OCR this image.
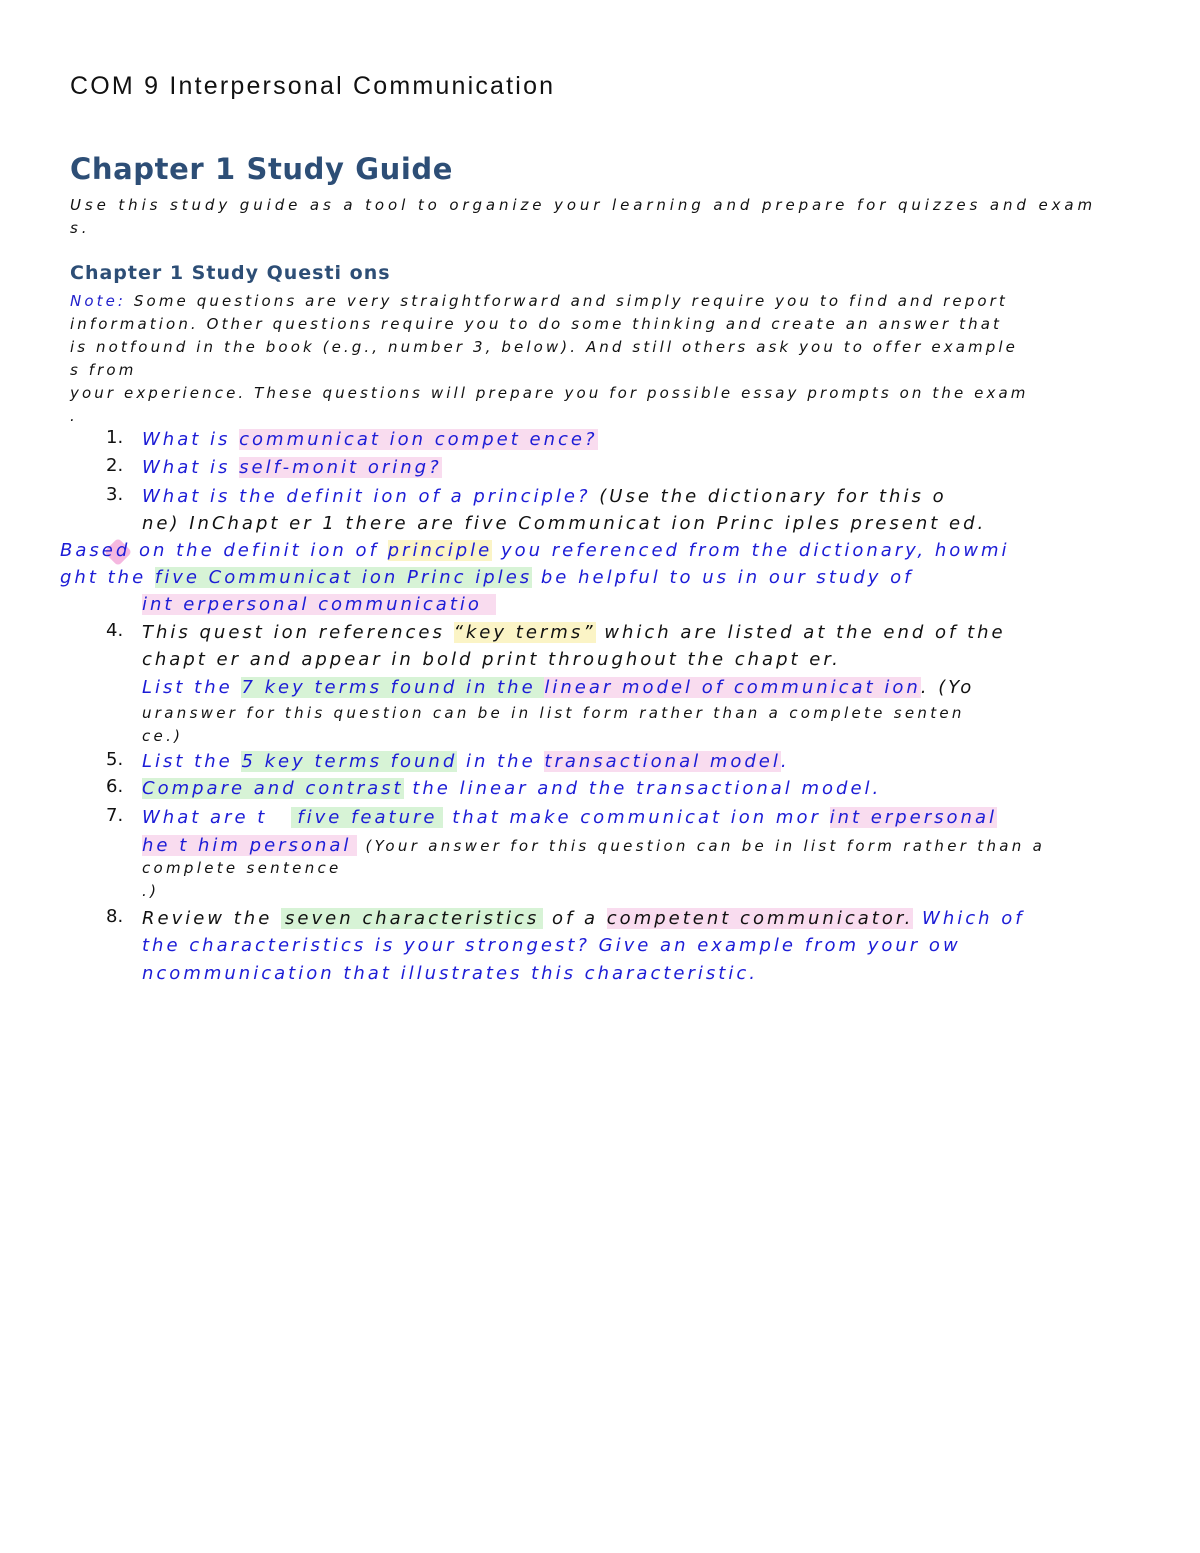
COM 9 Interpersonal Communication
Chapter 1 Study Guide
Use this study guide as a tool to organize your learning and prepare for quizzes and exam
s.
Chapter 1 Study Questi ons
Note: Some questions are very straightforward and simply require you to find and report
information. Other questions require you to do some thinking and create an answer that
is notfound in the book (e.g., number 3, below). And still others ask you to offer example
s from
your experience. These questions will prepare you for possible essay prompts on the exam
.
1. What is communicat ion compet ence?
2. What is self-monit oring?
3. What is the definit ion of a principle? (Use the dictionary for this o
ne) InChapt er 1 there are five Communicat ion Princ iples present ed.
Based on the definit ion of principle you referenced from the dictionary, howmi
ght the five Communicat ion Princ iples be helpful to us in our study of
int erpersonal communicatio
4. This quest ion references “key terms” which are listed at the end of the
chapt er and appear in bold print throughout the chapt er.
List the 7 key terms found in the linear model of communicat ion. (Yo
uranswer for this question can be in list form rather than a complete senten
ce.)
5. List the 5 key terms found in the transactional model.
6. Compare and contrast the linear and the transactional model.
7. What are t five feature that make communicat ion mor int erpersonal
he t him personal (Your answer for this question can be in list form rather than a
complete sentence
.)
8. Review the seven characteristics of a competent communicator. Which of
the characteristics is your strongest? Give an example from your ow
ncommunication that illustrates this characteristic.
